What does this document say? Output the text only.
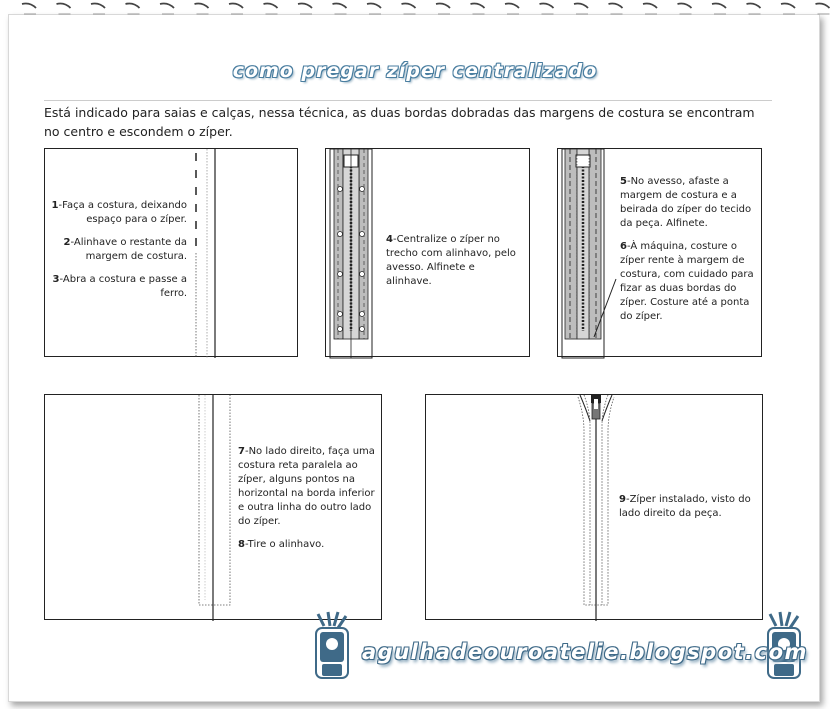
como pregar zíper centralizado
Está indicado para saias e calças, nessa técnica, as duas bordas dobradas das margens de costura se encontram no centro e escondem o zíper.

1-Faça a costura, deixando espaço para o zíper.

2-Alinhave o restante da margem de costura.

3-Abra a costura e passe a ferro.

4-Centralize o zíper no trecho com alinhavo, pelo avesso. Alfinete e alinhave.

5-No avesso, afaste a margem de costura e a beirada do zíper do tecido da peça. Alfinete.

6-À máquina, costure o zíper rente à margem de costura, com cuidado para fizar as duas bordas do zíper. Costure até a ponta do zíper.

7-No lado direito, faça uma costura reta paralela ao zíper, alguns pontos na horizontal na borda inferior e outra linha do outro lado do zíper.

8-Tire o alinhavo.

9-Zíper instalado, visto do lado direito da peça.

agulhadeouroatelie.blogspot.com
